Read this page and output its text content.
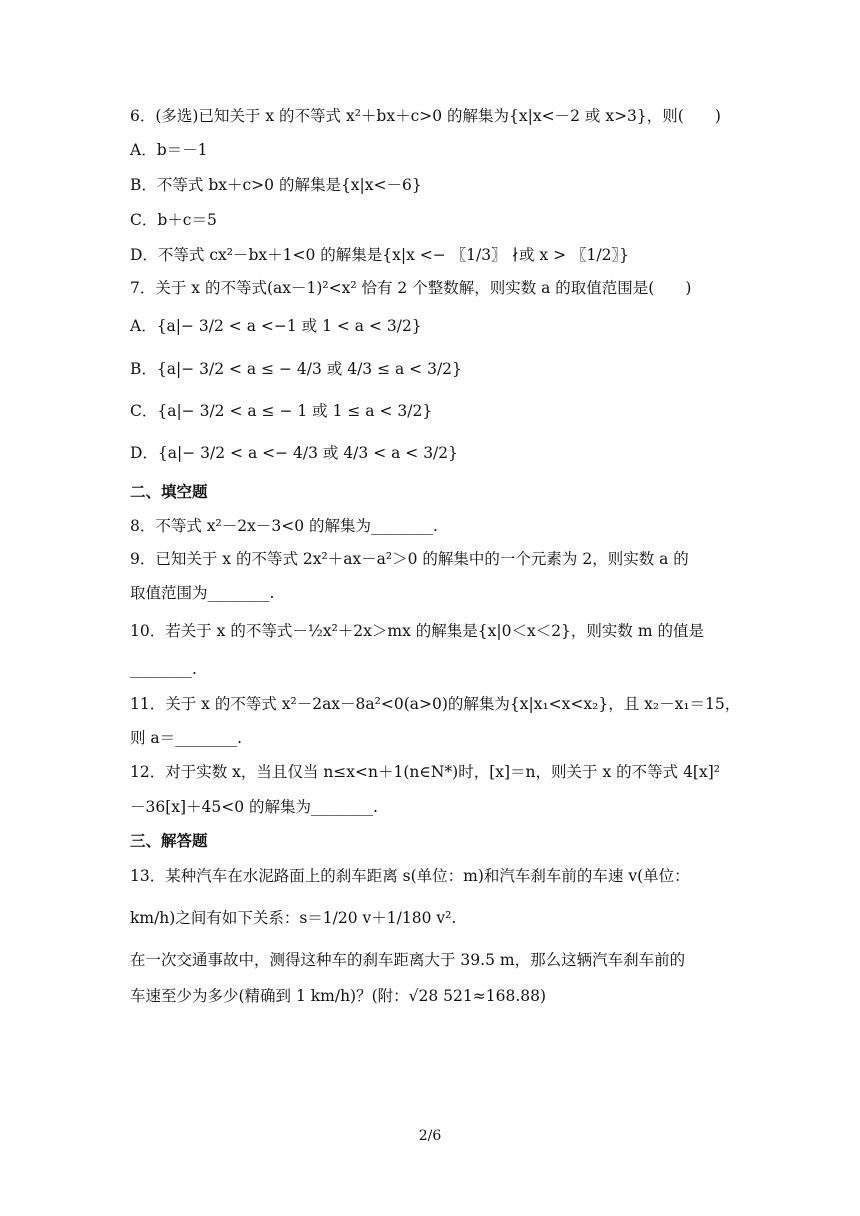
6．(多选)已知关于 x 的不等式 x²＋bx＋c>0 的解集为{x|x<－2 或 x>3}，则(　　)
A．b＝－1
B．不等式 bx＋c>0 的解集是{x|x<－6}
C．b＋c＝5
D．不等式 cx²－bx＋1<0 的解集是{x|x <− 〖1/3〗 ∤或 x > 〖1/2〗}
7．关于 x 的不等式(ax－1)²<x² 恰有 2 个整数解，则实数 a 的取值范围是(　　)
A．{a|− 3/2 < a <−1 或 1 < a < 3/2}
B．{a|− 3/2 < a ≤ − 4/3 或 4/3 ≤ a < 3/2}
C．{a|− 3/2 < a ≤ − 1 或 1 ≤ a < 3/2}
D．{a|− 3/2 < a <− 4/3 或 4/3 < a < 3/2}
二、填空题
8．不等式 x²－2x－3<0 的解集为________.
9．已知关于 x 的不等式 2x²＋ax－a²＞0 的解集中的一个元素为 2，则实数 a 的
取值范围为________.
10．若关于 x 的不等式－½x²＋2x＞mx 的解集是{x|0＜x＜2}，则实数 m 的值是
________.
11．关于 x 的不等式 x²－2ax－8a²<0(a>0)的解集为{x|x₁<x<x₂}，且 x₂－x₁＝15，
则 a＝________.
12．对于实数 x，当且仅当 n≤x<n＋1(n∈N*)时，[x]＝n，则关于 x 的不等式 4[x]²
－36[x]＋45<0 的解集为________.
三、解答题
13．某种汽车在水泥路面上的刹车距离 s(单位：m)和汽车刹车前的车速 v(单位：
km/h)之间有如下关系：s＝1/20 v＋1/180 v².
在一次交通事故中，测得这种车的刹车距离大于 39.5 m，那么这辆汽车刹车前的
车速至少为多少(精确到 1 km/h)？(附：√28 521≈168.88)
2/6
